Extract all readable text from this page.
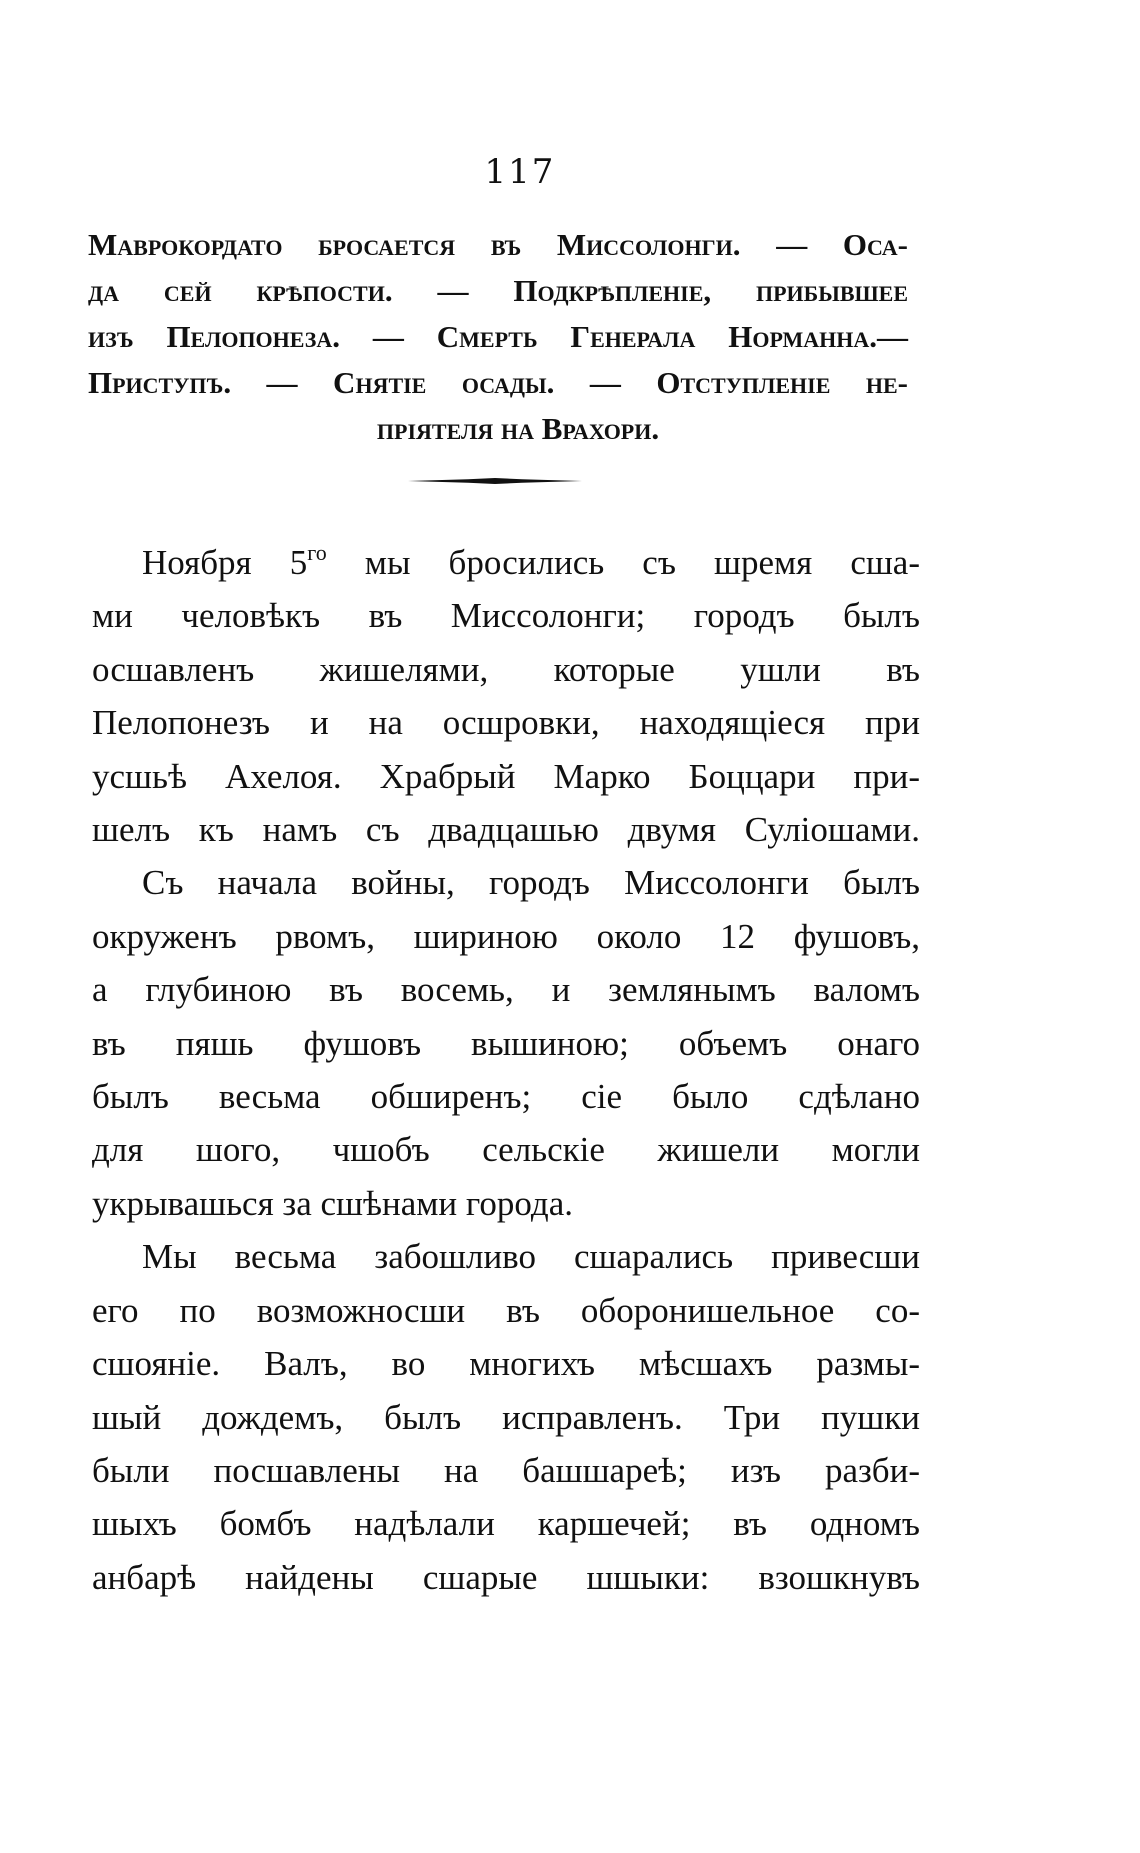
117
Маврокордато бросается въ Миссолонги. — Оса-
да сей крѣпости. — Подкрѣпленіе, прибывшее
изъ Пелопонеза. — Смерть Генерала Норманна.—
Приступъ. — Снятіе осады. — Отступленіе не-
пріятеля на Врахори.
Ноября $5^{го}$ мы бросились съ шремя сша-
ми человѣкъ въ Миссолонги; городъ былъ
осшавленъ жишелями, которые ушли въ
Пелопонезъ и на осшровки, находящіеся при
усшьѣ Ахелоя. Храбрый Марко Боццари при-
шелъ къ намъ съ двадцашью двумя Суліошами.
Съ начала войны, городъ Миссолонги былъ
окруженъ рвомъ, шириною около 12 фушовъ,
а глубиною въ восемь, и землянымъ валомъ
въ пяшь фушовъ вышиною; объемъ онаго
былъ весьма обширенъ; сіе было сдѣлано
для шого, чшобъ сельскіе жишели могли
укрывашься за сшѣнами города.
Мы весьма забошливо сшарались привесши
его по возможносши въ оборонишельное со-
сшояніе. Валъ, во многихъ мѣсшахъ размы-
шый дождемъ, былъ исправленъ. Три пушки
были посшавлены на башшареѣ; изъ разби-
шыхъ бомбъ надѣлали каршечей; въ одномъ
анбарѣ найдены сшарые шшыки: взошкнувъ
